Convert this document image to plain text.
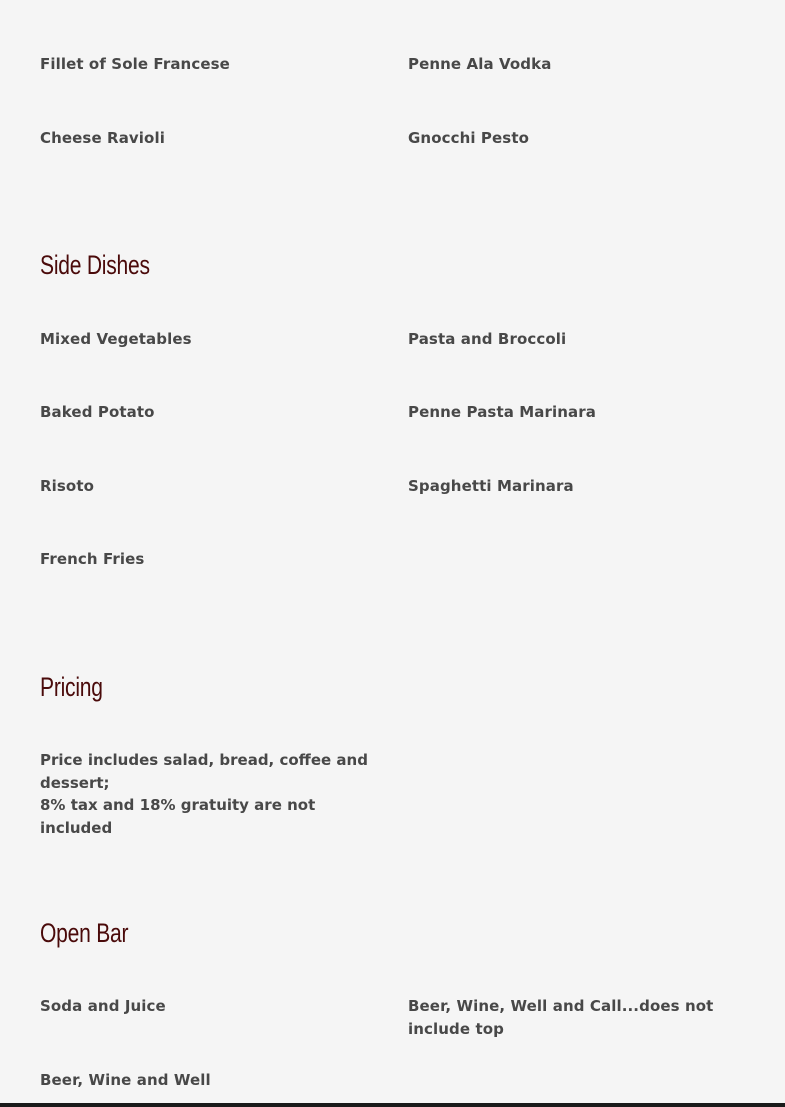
Fillet of Sole Francese	Penne Ala Vodka

Cheese Ravioli	Gnocchi Pesto

Side Dishes

Mixed Vegetables	Pasta and Broccoli

Baked Potato	Penne Pasta Marinara

Risoto	Spaghetti Marinara

French Fries

Pricing

Price includes salad, bread, coffee and dessert;
8% tax and 18% gratuity are not included

Open Bar

Soda and Juice	Beer, Wine, Well and Call...does not include top

Beer, Wine and Well
